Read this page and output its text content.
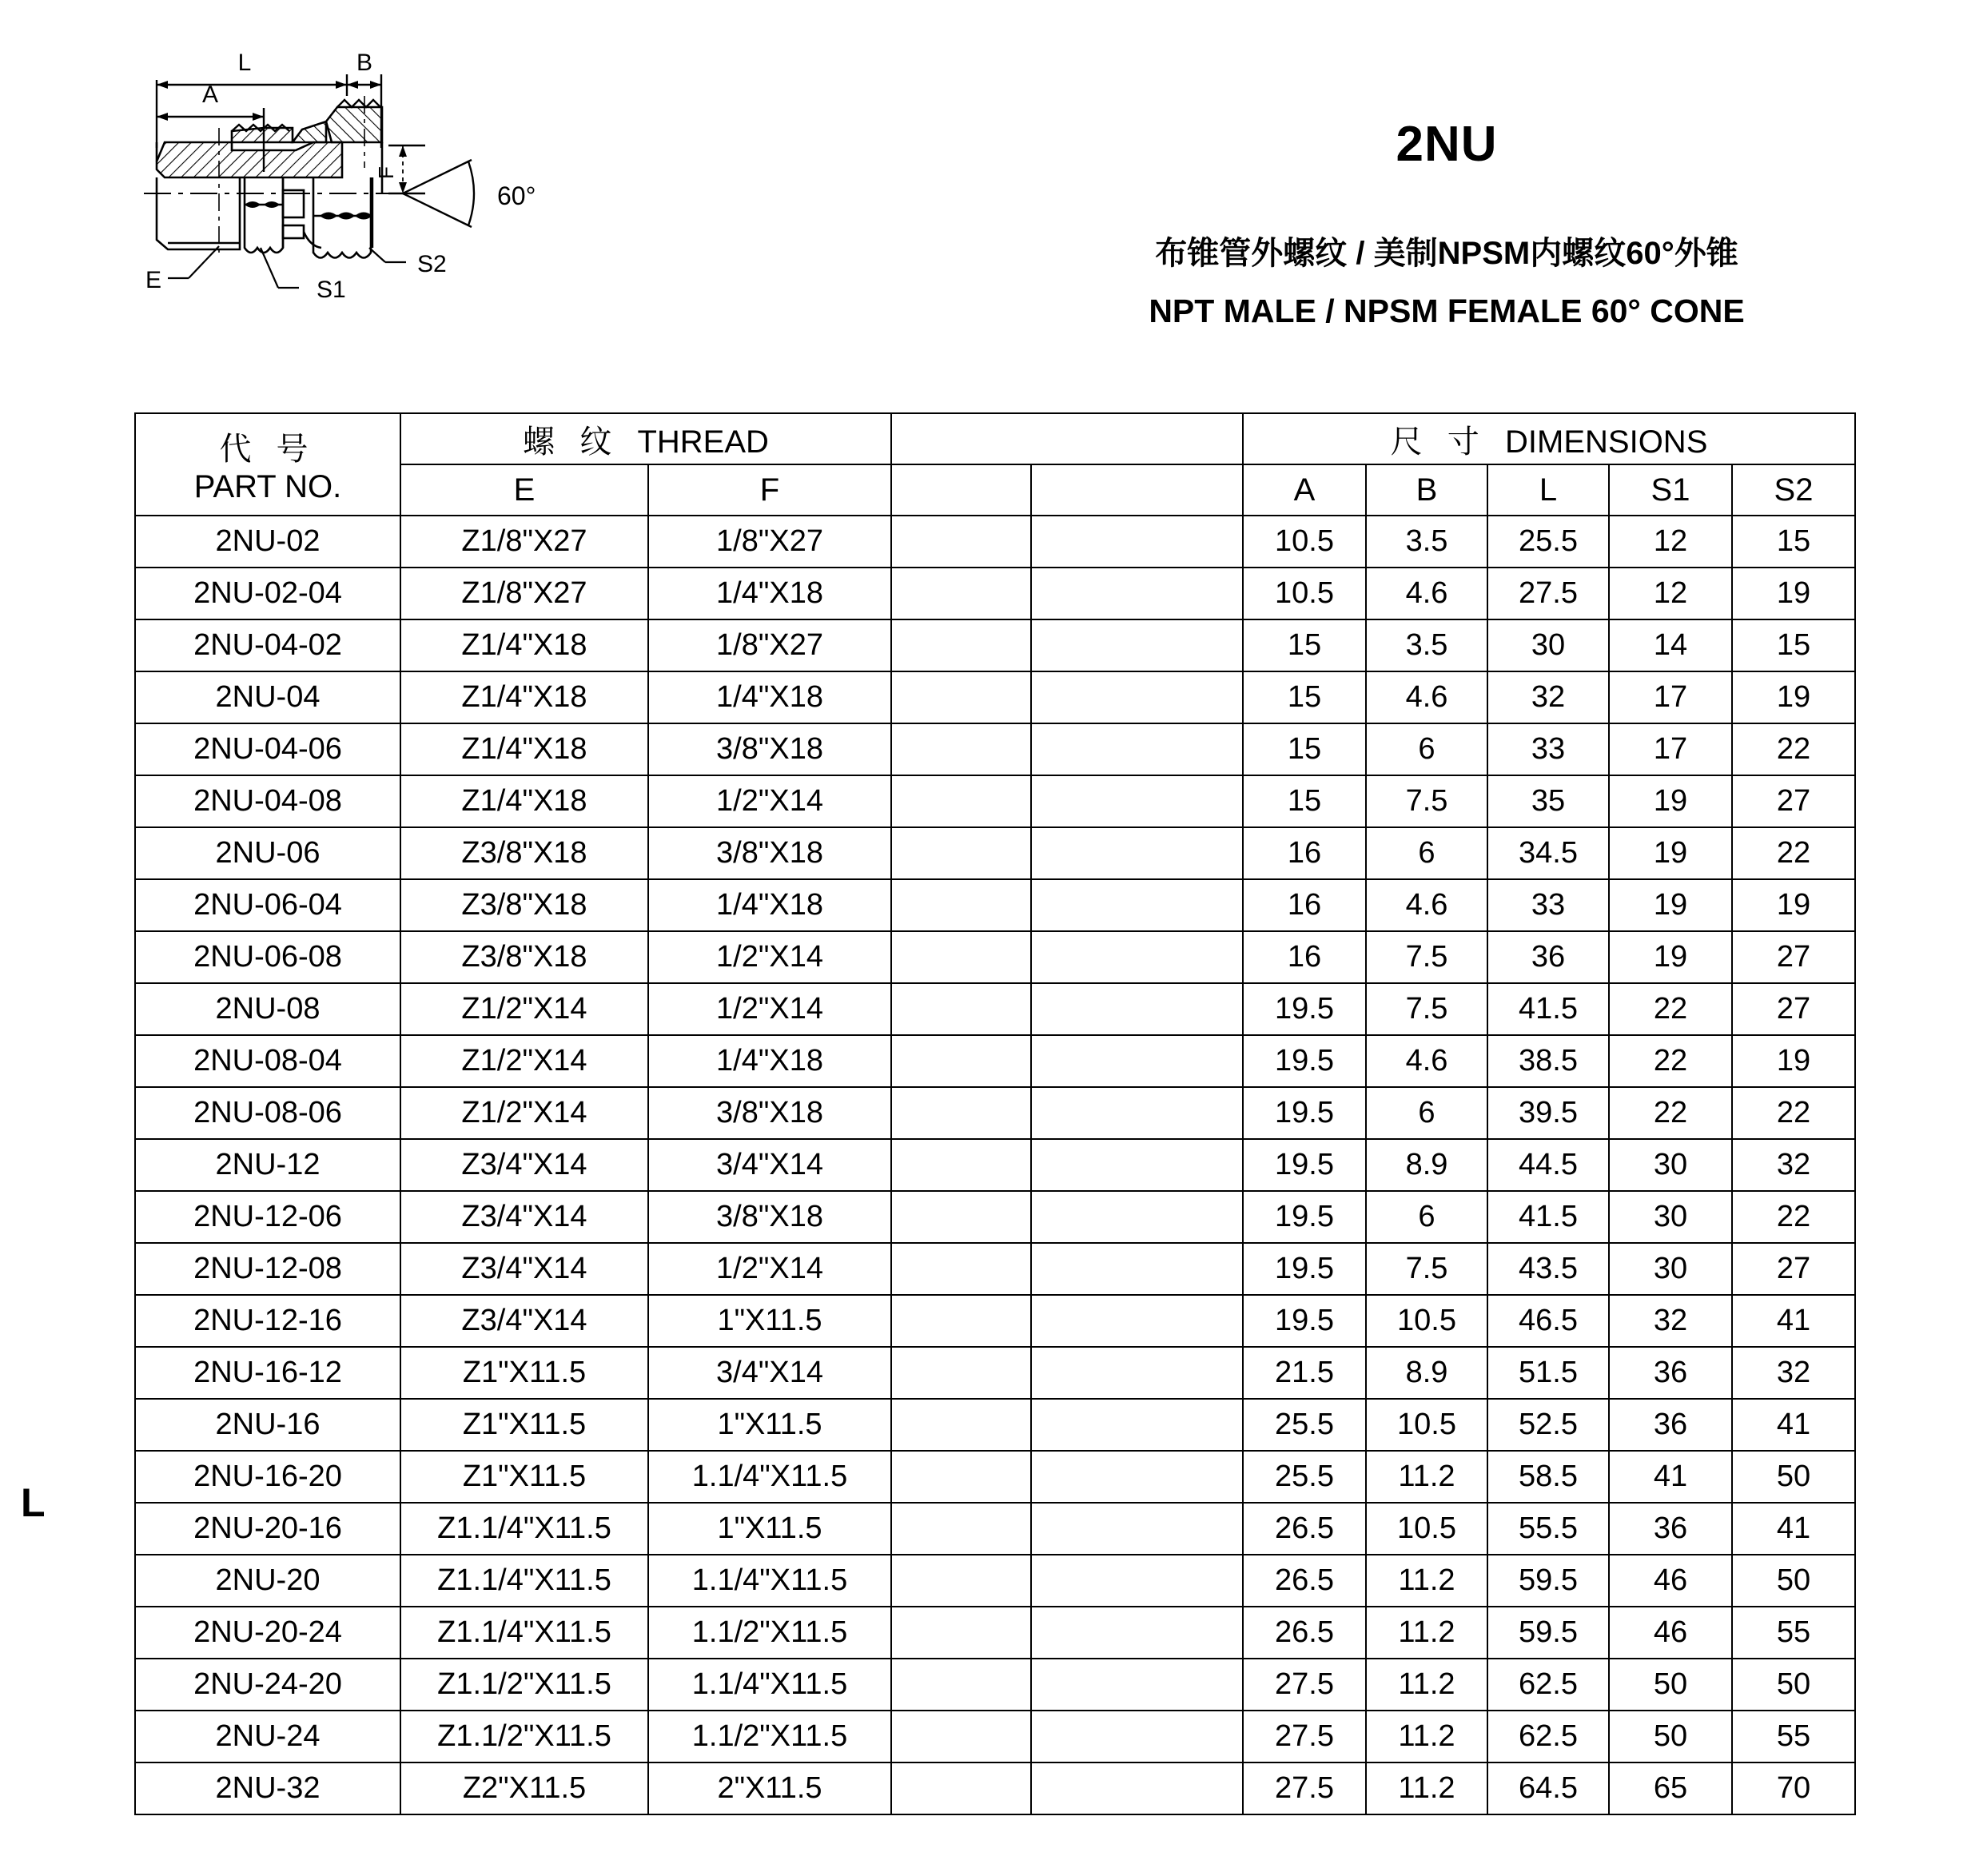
L	B
A
F
60°
E	S1
S2
2NU
布锥管外螺纹 / 美制NPSM内螺纹60°外锥
NPT MALE / NPSM FEMALE 60° CONE
L
代 号
PART NO.	螺 纹 THREAD				尺 寸 DIMENSIONS				
	E	F			A	B	L	S1	S2
2NU-02	Z1/8"X27	1/8"X27			10.5	3.5	25.5	12	15
2NU-02-04	Z1/8"X27	1/4"X18			10.5	4.6	27.5	12	19
2NU-04-02	Z1/4"X18	1/8"X27			15	3.5	30	14	15
2NU-04	Z1/4"X18	1/4"X18			15	4.6	32	17	19
2NU-04-06	Z1/4"X18	3/8"X18			15	6	33	17	22
2NU-04-08	Z1/4"X18	1/2"X14			15	7.5	35	19	27
2NU-06	Z3/8"X18	3/8"X18			16	6	34.5	19	22
2NU-06-04	Z3/8"X18	1/4"X18			16	4.6	33	19	19
2NU-06-08	Z3/8"X18	1/2"X14			16	7.5	36	19	27
2NU-08	Z1/2"X14	1/2"X14			19.5	7.5	41.5	22	27
2NU-08-04	Z1/2"X14	1/4"X18			19.5	4.6	38.5	22	19
2NU-08-06	Z1/2"X14	3/8"X18			19.5	6	39.5	22	22
2NU-12	Z3/4"X14	3/4"X14			19.5	8.9	44.5	30	32
2NU-12-06	Z3/4"X14	3/8"X18			19.5	6	41.5	30	22
2NU-12-08	Z3/4"X14	1/2"X14			19.5	7.5	43.5	30	27
2NU-12-16	Z3/4"X14	1"X11.5			19.5	10.5	46.5	32	41
2NU-16-12	Z1"X11.5	3/4"X14			21.5	8.9	51.5	36	32
2NU-16	Z1"X11.5	1"X11.5			25.5	10.5	52.5	36	41
2NU-16-20	Z1"X11.5	1.1/4"X11.5			25.5	11.2	58.5	41	50
2NU-20-16	Z1.1/4"X11.5	1"X11.5			26.5	10.5	55.5	36	41
2NU-20	Z1.1/4"X11.5	1.1/4"X11.5			26.5	11.2	59.5	46	50
2NU-20-24	Z1.1/4"X11.5	1.1/2"X11.5			26.5	11.2	59.5	46	55
2NU-24-20	Z1.1/2"X11.5	1.1/4"X11.5			27.5	11.2	62.5	50	50
2NU-24	Z1.1/2"X11.5	1.1/2"X11.5			27.5	11.2	62.5	50	55
2NU-32	Z2"X11.5	2"X11.5			27.5	11.2	64.5	65	70
